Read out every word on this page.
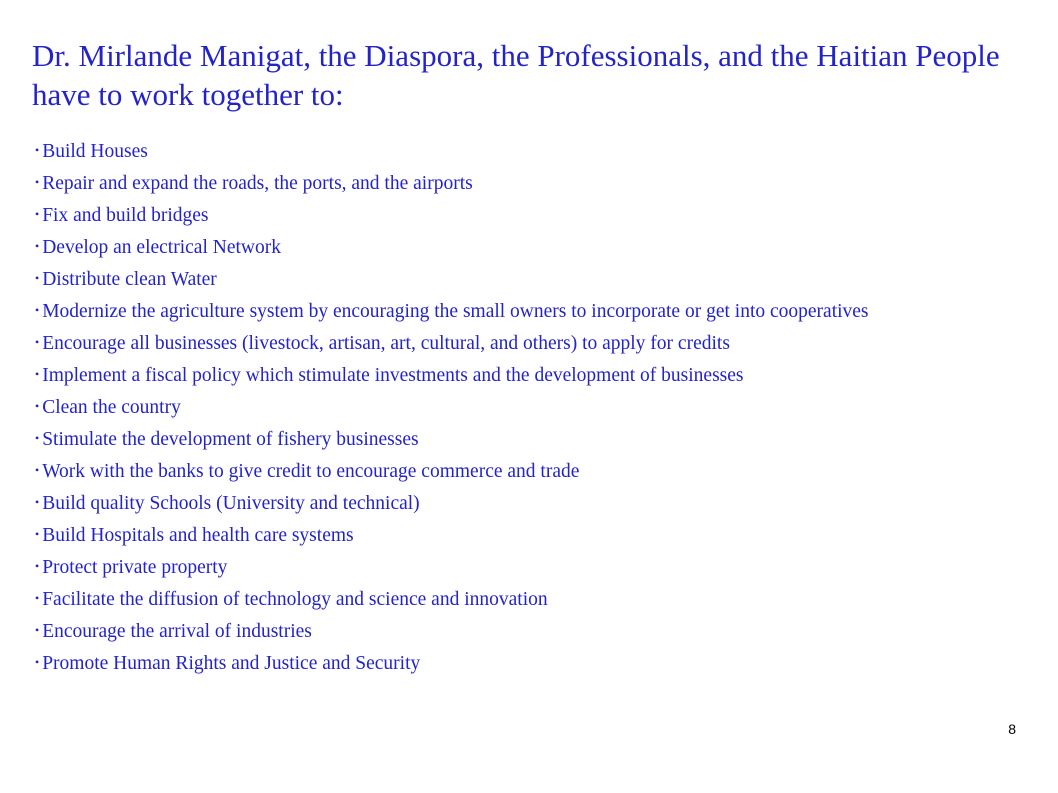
Dr. Mirlande Manigat, the Diaspora, the Professionals, and the Haitian People have to work together to:
• Build Houses
• Repair and expand the roads, the ports, and the airports
• Fix and build bridges
• Develop an electrical Network
• Distribute clean Water
• Modernize the agriculture system by encouraging the small owners to incorporate or get into cooperatives
• Encourage all businesses (livestock, artisan, art, cultural, and others) to apply for credits
• Implement a fiscal policy which stimulate investments and the development of businesses
• Clean the country
• Stimulate the development of fishery businesses
• Work with the banks to give credit to encourage commerce and trade
• Build quality Schools (University and technical)
• Build Hospitals and health care systems
• Protect private property
• Facilitate the diffusion of technology and science and innovation
• Encourage the arrival of industries
• Promote Human Rights and Justice and Security
8
